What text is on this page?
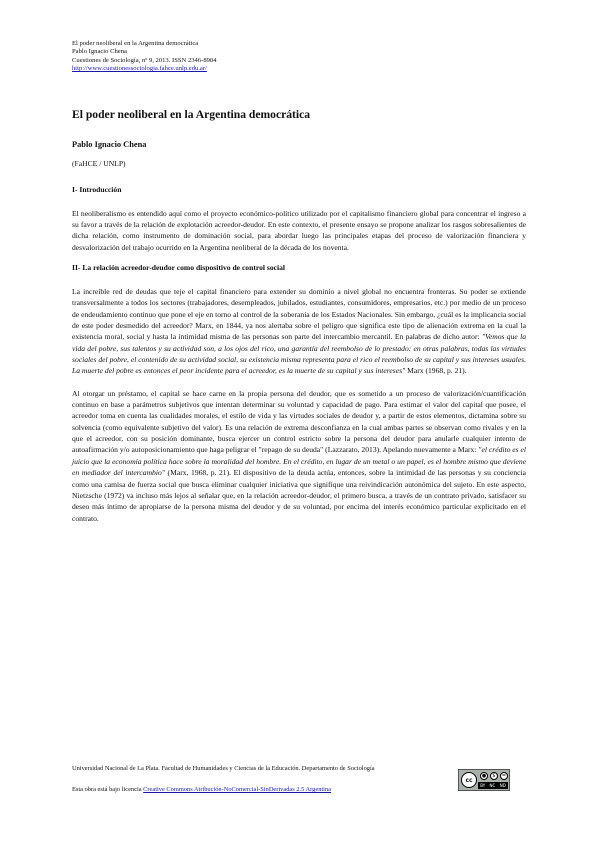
El poder neoliberal en la Argentina democrática
Pablo Ignacio Chena
Cuestiones de Sociología, nº 9, 2013. ISSN 2346-8904
http://www.cuestionessociologia.fahce.unlp.edu.ar/
El poder neoliberal en la Argentina democrática
Pablo Ignacio Chena
(FaHCE / UNLP)
I- Introducción

El neoliberalismo es entendido aquí como el proyecto económico-político utilizado por el capitalismo financiero global para concentrar el ingreso a su favor a través de la relación de explotación acreedor-deudor. En este contexto, el presente ensayo se propone analizar los rasgos sobresalientes de dicha relación, como instrumento de dominación social, para abordar luego las principales etapas del proceso de valorización financiera y desvalorización del trabajo ocurrido en la Argentina neoliberal de la década de los noventa.

II- La relación acreedor-deudor como dispositivo de control social

La increíble red de deudas que teje el capital financiero para extender su dominio a nivel global no encuentra fronteras. Su poder se extiende transversalmente a todos los sectores (trabajadores, desempleados, jubilados, estudiantes, consumidores, empresarios, etc.) por medio de un proceso de endeudamiento continuo que pone el eje en torno al control de la soberanía de los Estados Nacionales. Sin embargo, ¿cuál es la implicancia social de este poder desmedido del acreedor? Marx, en 1844, ya nos alertaba sobre el peligro que significa este tipo de alienación extrema en la cual la existencia moral, social y hasta la intimidad misma de las personas son parte del intercambio mercantil. En palabras de dicho autor: "Vemos que la vida del pobre, sus talentos y su actividad son, a los ojos del rico, una garantía del reembolso de lo prestado: en otras palabras, todas las virtudes sociales del pobre, el contenido de su actividad social, su existencia misma representa para el rico el reembolso de su capital y sus intereses usuales. La muerte del pobre es entonces el peor incidente para el acreedor, es la muerte de su capital y sus intereses" Marx (1968, p. 21).

Al otorgar un préstamo, el capital se hace carne en la propia persona del deudor, que es sometido a un proceso de valorización/cuantificación continuo en base a parámetros subjetivos que intentan determinar su voluntad y capacidad de pago. Para estimar el valor del capital que posee, el acreedor toma en cuenta las cualidades morales, el estilo de vida y las virtudes sociales de deudor y, a partir de estos elementos, dictamina sobre su solvencia (como equivalente subjetivo del valor). Es una relación de extrema desconfianza en la cual ambas partes se observan como rivales y en la que el acreedor, con su posición dominante, busca ejercer un control estricto sobre la persona del deudor para anularle cualquier intento de autoafirmación y/o autoposicionamiento que haga peligrar el "repago de su deuda" (Lazzarato, 2013). Apelando nuevamente a Marx: "el crédito es el juicio que la economía política hace sobre la moralidad del hombre. En el crédito, en lugar de un metal o un papel, es el hombre mismo que deviene en mediador del intercambio" (Marx, 1968, p. 21). El dispositivo de la deuda actúa, entonces, sobre la intimidad de las personas y su conciencia como una camisa de fuerza social que busca eliminar cualquier iniciativa que signifique una reivindicación autonómica del sujeto. En este aspecto, Nietzsche (1972) va incluso más lejos al señalar que, en la relación acreedor-deudor, el primero busca, a través de un contrato privado, satisfacer su deseo más íntimo de apropiarse de la persona misma del deudor y de su voluntad, por encima del interés económico particular explicitado en el contrato.

Universidad Nacional de La Plata. Facultad de Humanidades y Ciencias de la Educación. Departamento de Sociología
cc
●	$	=
BY NC ND
Esta obra está bajo licencia Creative Commons Atribución-NoComercial-SinDerivadas 2.5 Argentina
